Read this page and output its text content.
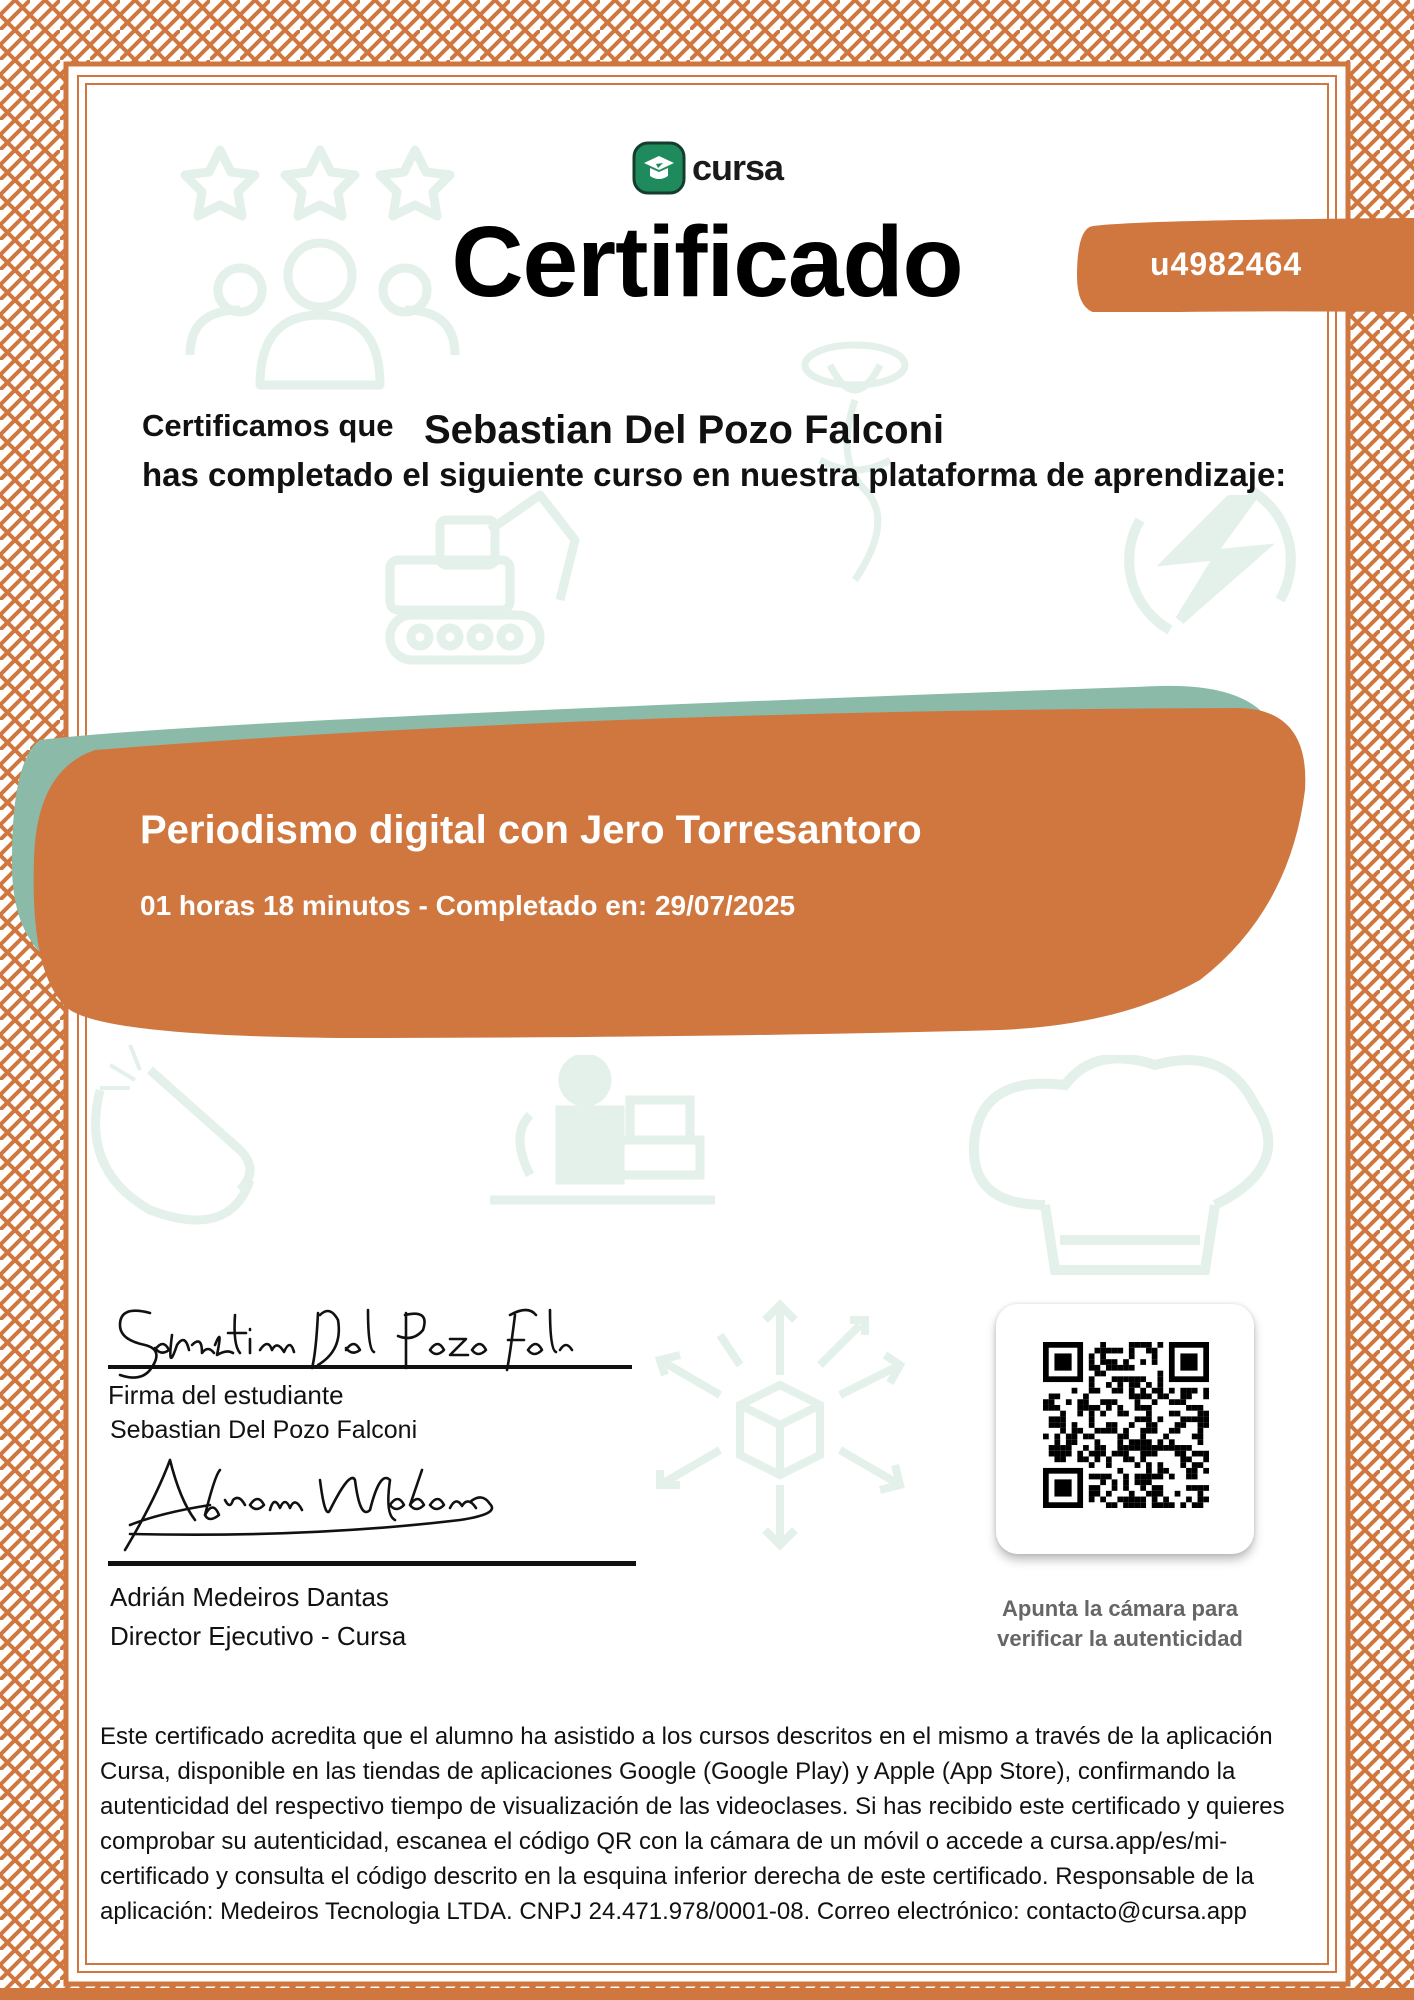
cursa
Certificado	u4982464
Certificamos que Sebastian Del Pozo Falconi
has completado el siguiente curso en nuestra plataforma de aprendizaje:
Periodismo digital con Jero Torresantoro
01 horas 18 minutos - Completado en: 29/07/2025
Firma del estudiante
Sebastian Del Pozo Falconi
Adrián Medeiros Dantas
Director Ejecutivo - Cursa
Apunta la cámara para
verificar la autenticidad
Este certificado acredita que el alumno ha asistido a los cursos descritos en el mismo a través de la aplicación Cursa, disponible en las tiendas de aplicaciones Google (Google Play) y Apple (App Store), confirmando la autenticidad del respectivo tiempo de visualización de las videoclases. Si has recibido este certificado y quieres comprobar su autenticidad, escanea el código QR con la cámara de un móvil o accede a cursa.app/es/mi-certificado y consulta el código descrito en la esquina inferior derecha de este certificado. Responsable de la aplicación: Medeiros Tecnologia LTDA. CNPJ 24.471.978/0001-08. Correo electrónico: contacto@cursa.app
